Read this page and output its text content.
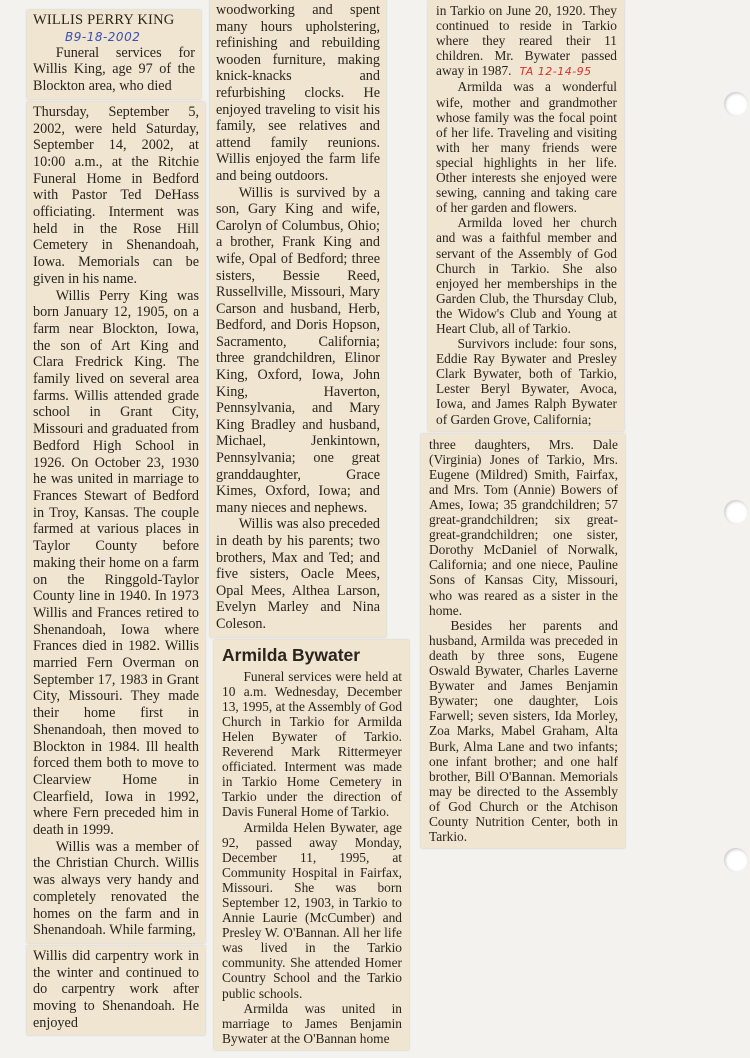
WILLIS PERRY KING

B9-18-2002

Funeral services for Willis King, age 97 of the Blockton area, who died

Thursday, September 5, 2002, were held Saturday, September 14, 2002, at 10:00 a.m., at the Ritchie Funeral Home in Bedford with Pastor Ted DeHass officiating. Interment was held in the Rose Hill Cemetery in Shenandoah, Iowa. Memorials can be given in his name.

Willis Perry King was born January 12, 1905, on a farm near Blockton, Iowa, the son of Art King and Clara Fredrick King. The family lived on several area farms. Willis attended grade school in Grant City, Missouri and graduated from Bedford High School in 1926. On October 23, 1930 he was united in marriage to Frances Stewart of Bedford in Troy, Kansas. The couple farmed at various places in Taylor County before making their home on a farm on the Ringgold-Taylor County line in 1940. In 1973 Willis and Frances retired to Shenandoah, Iowa where Frances died in 1982. Willis married Fern Overman on September 17, 1983 in Grant City, Missouri. They made their home first in Shenandoah, then moved to Blockton in 1984. Ill health forced them both to move to Clearview Home in Clearfield, Iowa in 1992, where Fern preceded him in death in 1999.

Willis was a member of the Christian Church. Willis was always very handy and completely renovated the homes on the farm and in Shenandoah. While farming,

Willis did carpentry work in the winter and continued to do carpentry work after moving to Shenandoah. He enjoyed

woodworking and spent many hours upholstering, refinishing and rebuilding wooden furniture, making knick-knacks and refurbishing clocks. He enjoyed traveling to visit his family, see relatives and attend family reunions. Willis enjoyed the farm life and being outdoors.

Willis is survived by a son, Gary King and wife, Carolyn of Columbus, Ohio; a brother, Frank King and wife, Opal of Bedford; three sisters, Bessie Reed, Russellville, Missouri, Mary Carson and husband, Herb, Bedford, and Doris Hopson, Sacramento, California; three grandchildren, Elinor King, Oxford, Iowa, John King, Haverton, Pennsylvania, and Mary King Bradley and husband, Michael, Jenkintown, Pennsylvania; one great granddaughter, Grace Kimes, Oxford, Iowa; and many nieces and nephews.

Willis was also preceded in death by his parents; two brothers, Max and Ted; and five sisters, Oacle Mees, Opal Mees, Althea Larson, Evelyn Marley and Nina Coleson.

Armilda Bywater

Funeral services were held at 10 a.m. Wednesday, December 13, 1995, at the Assembly of God Church in Tarkio for Armilda Helen Bywater of Tarkio. Reverend Mark Rittermeyer officiated. Interment was made in Tarkio Home Cemetery in Tarkio under the direction of Davis Funeral Home of Tarkio.

Armilda Helen Bywater, age 92, passed away Monday, December 11, 1995, at Community Hospital in Fairfax, Missouri. She was born September 12, 1903, in Tarkio to Annie Laurie (McCumber) and Presley W. O'Bannan. All her life was lived in the Tarkio community. She attended Homer Country School and the Tarkio public schools.

Armilda was united in marriage to James Benjamin Bywater at the O'Bannan home

in Tarkio on June 20, 1920. They continued to reside in Tarkio where they reared their 11 children. Mr. Bywater passed away in 1987. TA 12-14-95

Armilda was a wonderful wife, mother and grandmother whose family was the focal point of her life. Traveling and visiting with her many friends were special highlights in her life. Other interests she enjoyed were sewing, canning and taking care of her garden and flowers.

Armilda loved her church and was a faithful member and servant of the Assembly of God Church in Tarkio. She also enjoyed her memberships in the Garden Club, the Thursday Club, the Widow's Club and Young at Heart Club, all of Tarkio.

Survivors include: four sons, Eddie Ray Bywater and Presley Clark Bywater, both of Tarkio, Lester Beryl Bywater, Avoca, Iowa, and James Ralph Bywater of Garden Grove, California;

three daughters, Mrs. Dale (Virginia) Jones of Tarkio, Mrs. Eugene (Mildred) Smith, Fairfax, and Mrs. Tom (Annie) Bowers of Ames, Iowa; 35 grandchildren; 57 great-grandchildren; six great-great-grandchildren; one sister, Dorothy McDaniel of Norwalk, California; and one niece, Pauline Sons of Kansas City, Missouri, who was reared as a sister in the home.

Besides her parents and husband, Armilda was preceded in death by three sons, Eugene Oswald Bywater, Charles Laverne Bywater and James Benjamin Bywater; one daughter, Lois Farwell; seven sisters, Ida Morley, Zoa Marks, Mabel Graham, Alta Burk, Alma Lane and two infants; one infant brother; and one half brother, Bill O'Bannan. Memorials may be directed to the Assembly of God Church or the Atchison County Nutrition Center, both in Tarkio.
